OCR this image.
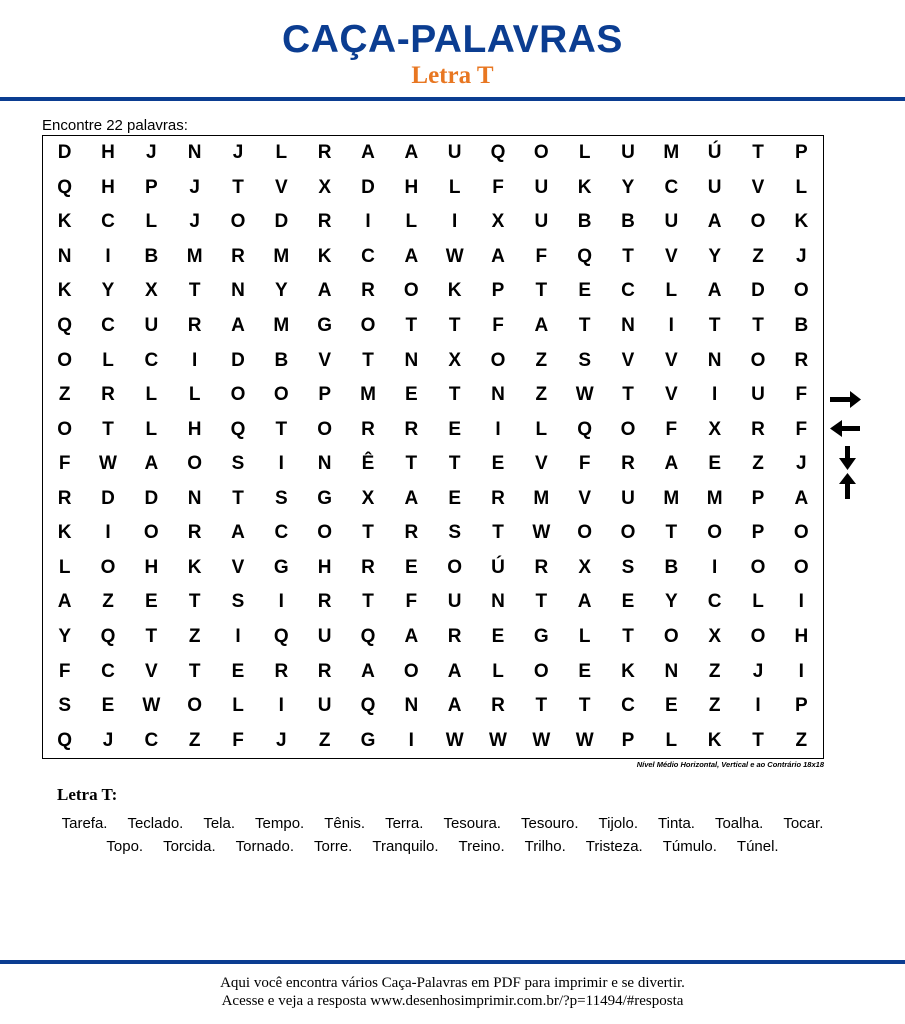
CAÇA-PALAVRAS
Letra T
Encontre 22 palavras:
D	H	J	N	J	L	R	A	A	U	Q	O	L	U	M	Ú	T	P
Q	H	P	J	T	V	X	D	H	L	F	U	K	Y	C	U	V	L
K	C	L	J	O	D	R	I	L	I	X	U	B	B	U	A	O	K
N	I	B	M	R	M	K	C	A	W	A	F	Q	T	V	Y	Z	J
K	Y	X	T	N	Y	A	R	O	K	P	T	E	C	L	A	D	O
Q	C	U	R	A	M	G	O	T	T	F	A	T	N	I	T	T	B
O	L	C	I	D	B	V	T	N	X	O	Z	S	V	V	N	O	R
Z	R	L	L	O	O	P	M	E	T	N	Z	W	T	V	I	U	F
O	T	L	H	Q	T	O	R	R	E	I	L	Q	O	F	X	R	F
F	W	A	O	S	I	N	Ê	T	T	E	V	F	R	A	E	Z	J
R	D	D	N	T	S	G	X	A	E	R	M	V	U	M	M	P	A
K	I	O	R	A	C	O	T	R	S	T	W	O	O	T	O	P	O
L	O	H	K	V	G	H	R	E	O	Ú	R	X	S	B	I	O	O
A	Z	E	T	S	I	R	T	F	U	N	T	A	E	Y	C	L	I
Y	Q	T	Z	I	Q	U	Q	A	R	E	G	L	T	O	X	O	H
F	C	V	T	E	R	R	A	O	A	L	O	E	K	N	Z	J	I
S	E	W	O	L	I	U	Q	N	A	R	T	T	C	E	Z	I	P
Q	J	C	Z	F	J	Z	G	I	W	W	W	W	P	L	K	T	Z
Nível Médio Horizontal, Vertical e ao Contrário 18x18
Letra T:
Tarefa. Teclado. Tela. Tempo. Tênis. Terra. Tesoura. Tesouro. Tijolo. Tinta. Toalha. Tocar.
Topo. Torcida. Tornado. Torre. Tranquilo. Treino. Trilho. Tristeza. Túmulo. Túnel.
Aqui você encontra vários Caça-Palavras em PDF para imprimir e se divertir.
Acesse e veja a resposta www.desenhosimprimir.com.br/?p=11494/#resposta
